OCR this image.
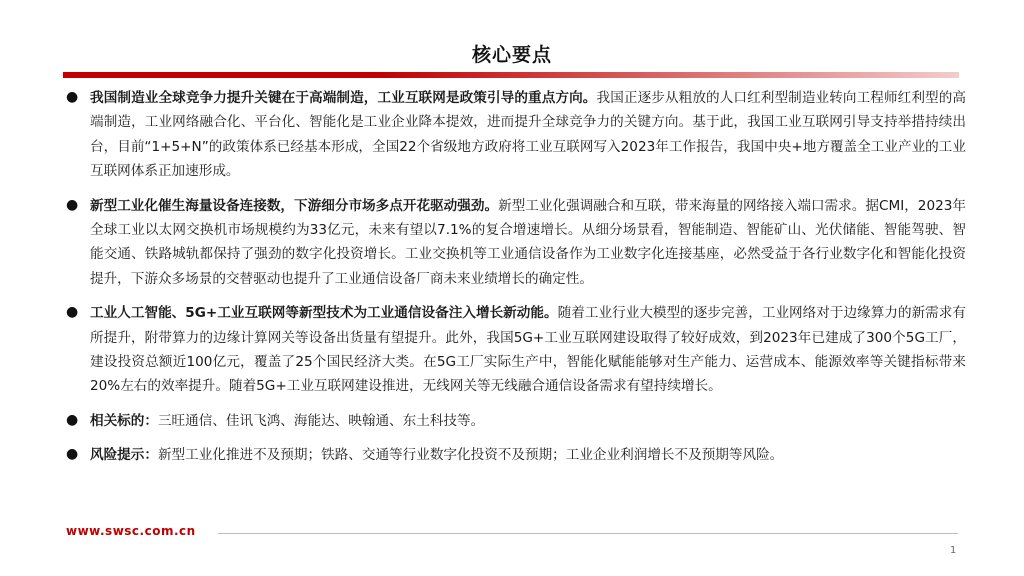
核心要点
● 我国制造业全球竞争力提升关键在于高端制造，工业互联网是政策引导的重点方向。我国正逐步从粗放的人口红利型制造业转向工程师红利型的高端制造，工业网络融合化、平台化、智能化是工业企业降本提效，进而提升全球竞争力的关键方向。基于此，我国工业互联网引导支持举措持续出台，目前“1+5+N”的政策体系已经基本形成，全国22个省级地方政府将工业互联网写入2023年工作报告，我国中央+地方覆盖全工业产业的工业互联网体系正加速形成。
● 新型工业化催生海量设备连接数，下游细分市场多点开花驱动强劲。新型工业化强调融合和互联，带来海量的网络接入端口需求。据CMI，2023年全球工业以太网交换机市场规模约为33亿元，未来有望以7.1%的复合增速增长。从细分场景看，智能制造、智能矿山、光伏储能、智能驾驶、智能交通、铁路城轨都保持了强劲的数字化投资增长。工业交换机等工业通信设备作为工业数字化连接基座，必然受益于各行业数字化和智能化投资提升，下游众多场景的交替驱动也提升了工业通信设备厂商未来业绩增长的确定性。
● 工业人工智能、5G+工业互联网等新型技术为工业通信设备注入增长新动能。随着工业行业大模型的逐步完善，工业网络对于边缘算力的新需求有所提升，附带算力的边缘计算网关等设备出货量有望提升。此外，我国5G+工业互联网建设取得了较好成效，到2023年已建成了300个5G工厂，建设投资总额近100亿元，覆盖了25个国民经济大类。在5G工厂实际生产中，智能化赋能能够对生产能力、运营成本、能源效率等关键指标带来20%左右的效率提升。随着5G+工业互联网建设推进，无线网关等无线融合通信设备需求有望持续增长。
● 相关标的：三旺通信、佳讯飞鸿、海能达、映翰通、东土科技等。
● 风险提示：新型工业化推进不及预期；铁路、交通等行业数字化投资不及预期；工业企业利润增长不及预期等风险。
www.swsc.com.cn
1
